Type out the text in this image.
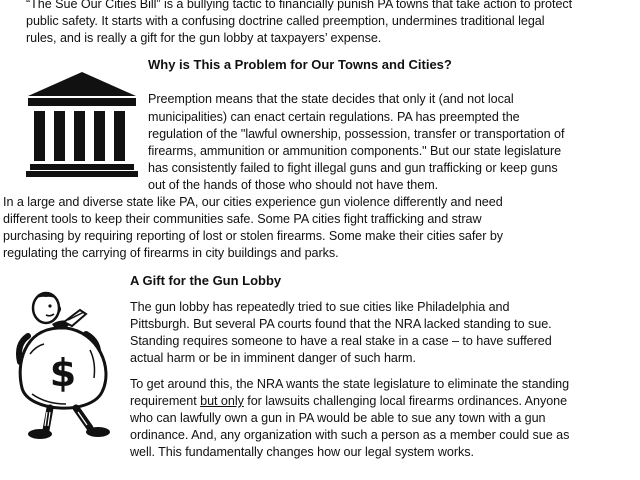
“The Sue Our Cities Bill” is a bullying tactic to financially punish PA towns that take action to protect
public safety. It starts with a confusing doctrine called preemption, undermines traditional legal
rules, and is really a gift for the gun lobby at taxpayers’ expense.
Why is This a Problem for Our Towns and Cities?
Preemption means that the state decides that only it (and not local
municipalities) can enact certain regulations. PA has preempted the
regulation of the "lawful ownership, possession, transfer or transportation of
firearms, ammunition or ammunition components." But our state legislature
has consistently failed to fight illegal guns and gun trafficking or keep guns
out of the hands of those who should not have them.
In a large and diverse state like PA, our cities experience gun violence differently and need
different tools to keep their communities safe. Some PA cities fight trafficking and straw
purchasing by requiring reporting of lost or stolen firearms. Some make their cities safer by
regulating the carrying of firearms in city buildings and parks.
A Gift for the Gun Lobby
$
The gun lobby has repeatedly tried to sue cities like Philadelphia and
Pittsburgh. But several PA courts found that the NRA lacked standing to sue.
Standing requires someone to have a real stake in a case – to have suffered
actual harm or be in imminent danger of such harm.
To get around this, the NRA wants the state legislature to eliminate the standing
requirement but only for lawsuits challenging local firearms ordinances. Anyone
who can lawfully own a gun in PA would be able to sue any town with a gun
ordinance. And, any organization with such a person as a member could sue as
well. This fundamentally changes how our legal system works.
